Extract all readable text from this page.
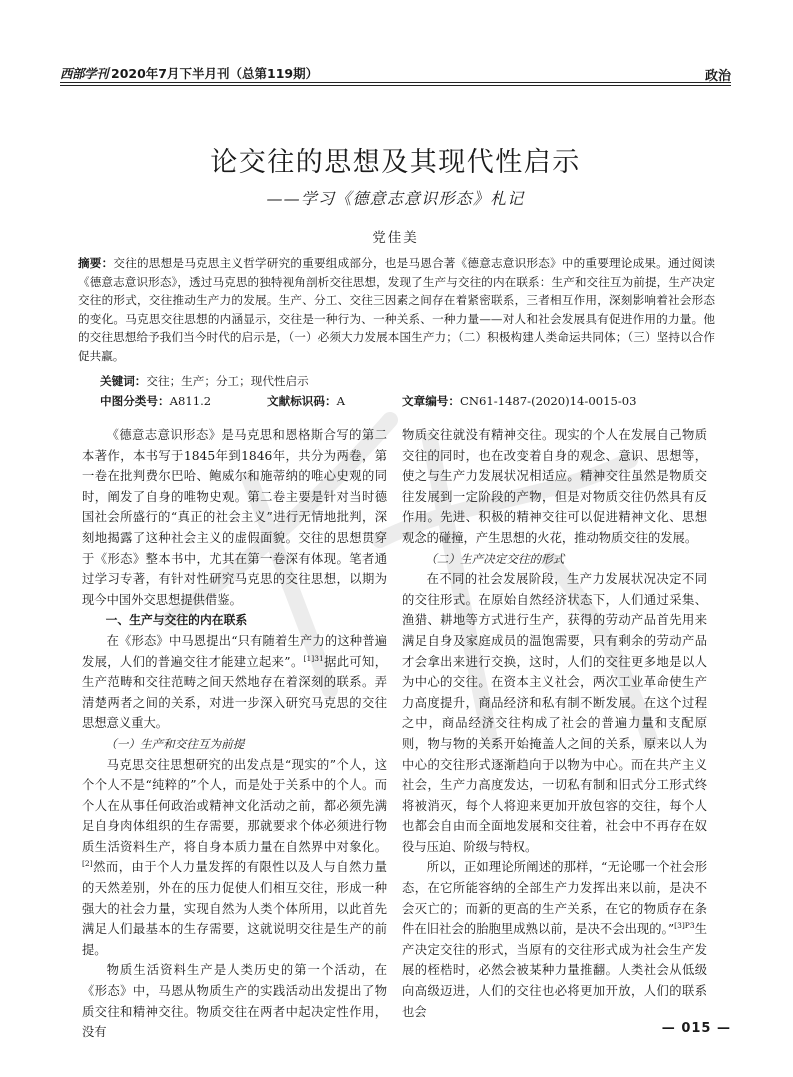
西部学刊 2020年7月下半月刊（总第119期）	政治
论交往的思想及其现代性启示
——学习《德意志意识形态》札记
党佳美
摘要：交往的思想是马克思主义哲学研究的重要组成部分，也是马恩合著《德意志意识形态》中的重要理论成果。通过阅读《德意志意识形态》，透过马克思的独特视角剖析交往思想，发现了生产与交往的内在联系：生产和交往互为前提，生产决定交往的形式，交往推动生产力的发展。生产、分工、交往三因素之间存在着紧密联系，三者相互作用，深刻影响着社会形态的变化。马克思交往思想的内涵显示，交往是一种行为、一种关系、一种力量——对人和社会发展具有促进作用的力量。他的交往思想给予我们当今时代的启示是，（一）必须大力发展本国生产力；（二）积极构建人类命运共同体；（三）坚持以合作促共赢。
关键词：交往；生产；分工；现代性启示
中图分类号：A811.2	文献标识码：A	文章编号：CN61-1487-(2020)14-0015-03

《德意志意识形态》是马克思和恩格斯合写的第二本著作，本书写于1845年到1846年，共分为两卷，第一卷在批判费尔巴哈、鲍威尔和施蒂纳的唯心史观的同时，阐发了自身的唯物史观。第二卷主要是针对当时德国社会所盛行的“真正的社会主义”进行无情地批判，深刻地揭露了这种社会主义的虚假面貌。交往的思想贯穿于《形态》整本书中，尤其在第一卷深有体现。笔者通过学习专著，有针对性研究马克思的交往思想，以期为现今中国外交思想提供借鉴。

一、生产与交往的内在联系

在《形态》中马恩提出“只有随着生产力的这种普遍发展，人们的普遍交往才能建立起来”。$^{[1]31}$据此可知，生产范畴和交往范畴之间天然地存在着深刻的联系。弄清楚两者之间的关系，对进一步深入研究马克思的交往思想意义重大。

（一）生产和交往互为前提

马克思交往思想研究的出发点是“现实的”个人，这个个人不是“纯粹的”个人，而是处于关系中的个人。而个人在从事任何政治或精神文化活动之前，都必须先满足自身肉体组织的生存需要，那就要求个体必须进行物质生活资料生产，将自身本质力量在自然界中对象化。[2]然而，由于个人力量发挥的有限性以及人与自然力量的天然差别，外在的压力促使人们相互交往，形成一种强大的社会力量，实现自然为人类个体所用，以此首先满足人们最基本的生存需要，这就说明交往是生产的前提。

物质生活资料生产是人类历史的第一个活动，在《形态》中，马恩从物质生产的实践活动出发提出了物质交往和精神交往。物质交往在两者中起决定性作用，没有

物质交往就没有精神交往。现实的个人在发展自己物质交往的同时，也在改变着自身的观念、意识、思想等，使之与生产力发展状况相适应。精神交往虽然是物质交往发展到一定阶段的产物，但是对物质交往仍然具有反作用。先进、积极的精神交往可以促进精神文化、思想观念的碰撞，产生思想的火花，推动物质交往的发展。

（二）生产决定交往的形式

在不同的社会发展阶段，生产力发展状况决定不同的交往形式。在原始自然经济状态下，人们通过采集、渔猎、耕地等方式进行生产，获得的劳动产品首先用来满足自身及家庭成员的温饱需要，只有剩余的劳动产品才会拿出来进行交换，这时，人们的交往更多地是以人为中心的交往。在资本主义社会，两次工业革命使生产力高度提升，商品经济和私有制不断发展。在这个过程之中，商品经济交往构成了社会的普遍力量和支配原则，物与物的关系开始掩盖人之间的关系，原来以人为中心的交往形式逐渐趋向于以物为中心。而在共产主义社会，生产力高度发达，一切私有制和旧式分工形式终将被消灭，每个人将迎来更加开放包容的交往，每个人也都会自由而全面地发展和交往着，社会中不再存在奴役与压迫、阶级与特权。

所以，正如理论所阐述的那样，“无论哪一个社会形态，在它所能容纳的全部生产力发挥出来以前，是决不会灭亡的；而新的更高的生产关系，在它的物质存在条件在旧社会的胎胞里成熟以前，是决不会出现的。”$^{[3]P3}$生产决定交往的形式，当原有的交往形式成为社会生产发展的桎梏时，必然会被某种力量推翻。人类社会从低级向高级迈进，人们的交往也必将更加开放，人们的联系也会

— 015 —
